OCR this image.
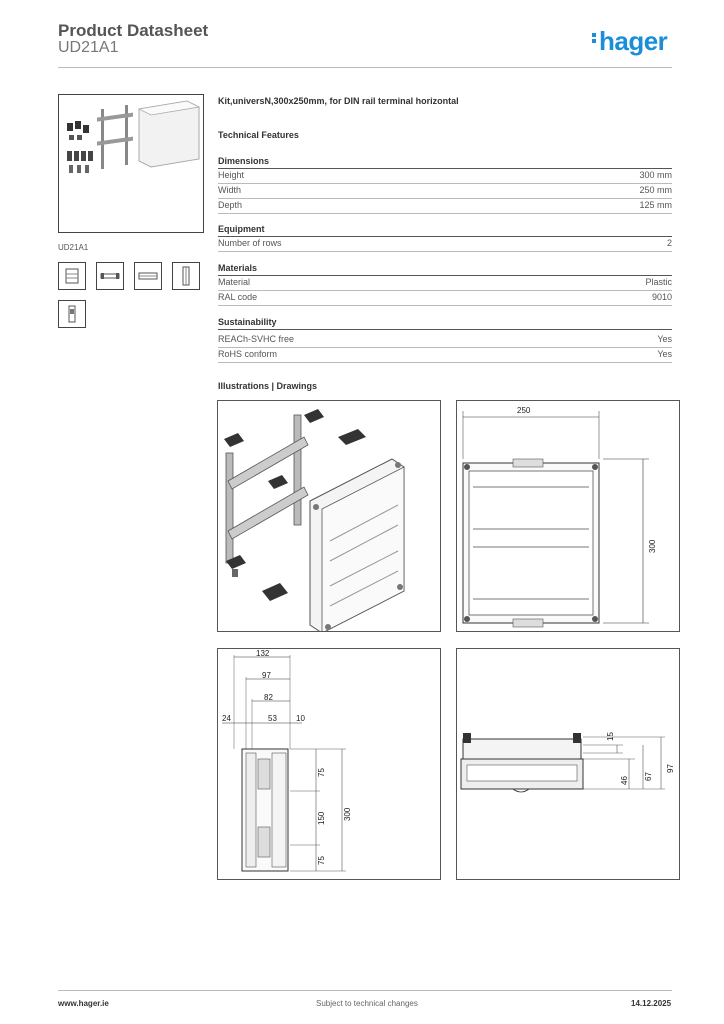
Product Datasheet
UD21A1	hager
UD21A1
Kit,universN,300x250mm, for DIN rail terminal horizontal
Technical Features
Dimensions
Height	300 mm
Width	250 mm
Depth	125 mm
Equipment
Number of rows	2
Materials
Material	Plastic
RAL code	9010
Sustainability
REACh-SVHC free	Yes
RoHS conform	Yes
Illustrations | Drawings
250
300
132
97
82
24	53 10
75
150
75
300
15
46 67
97
www.hager.ie	Subject to technical changes	14.12.2025
